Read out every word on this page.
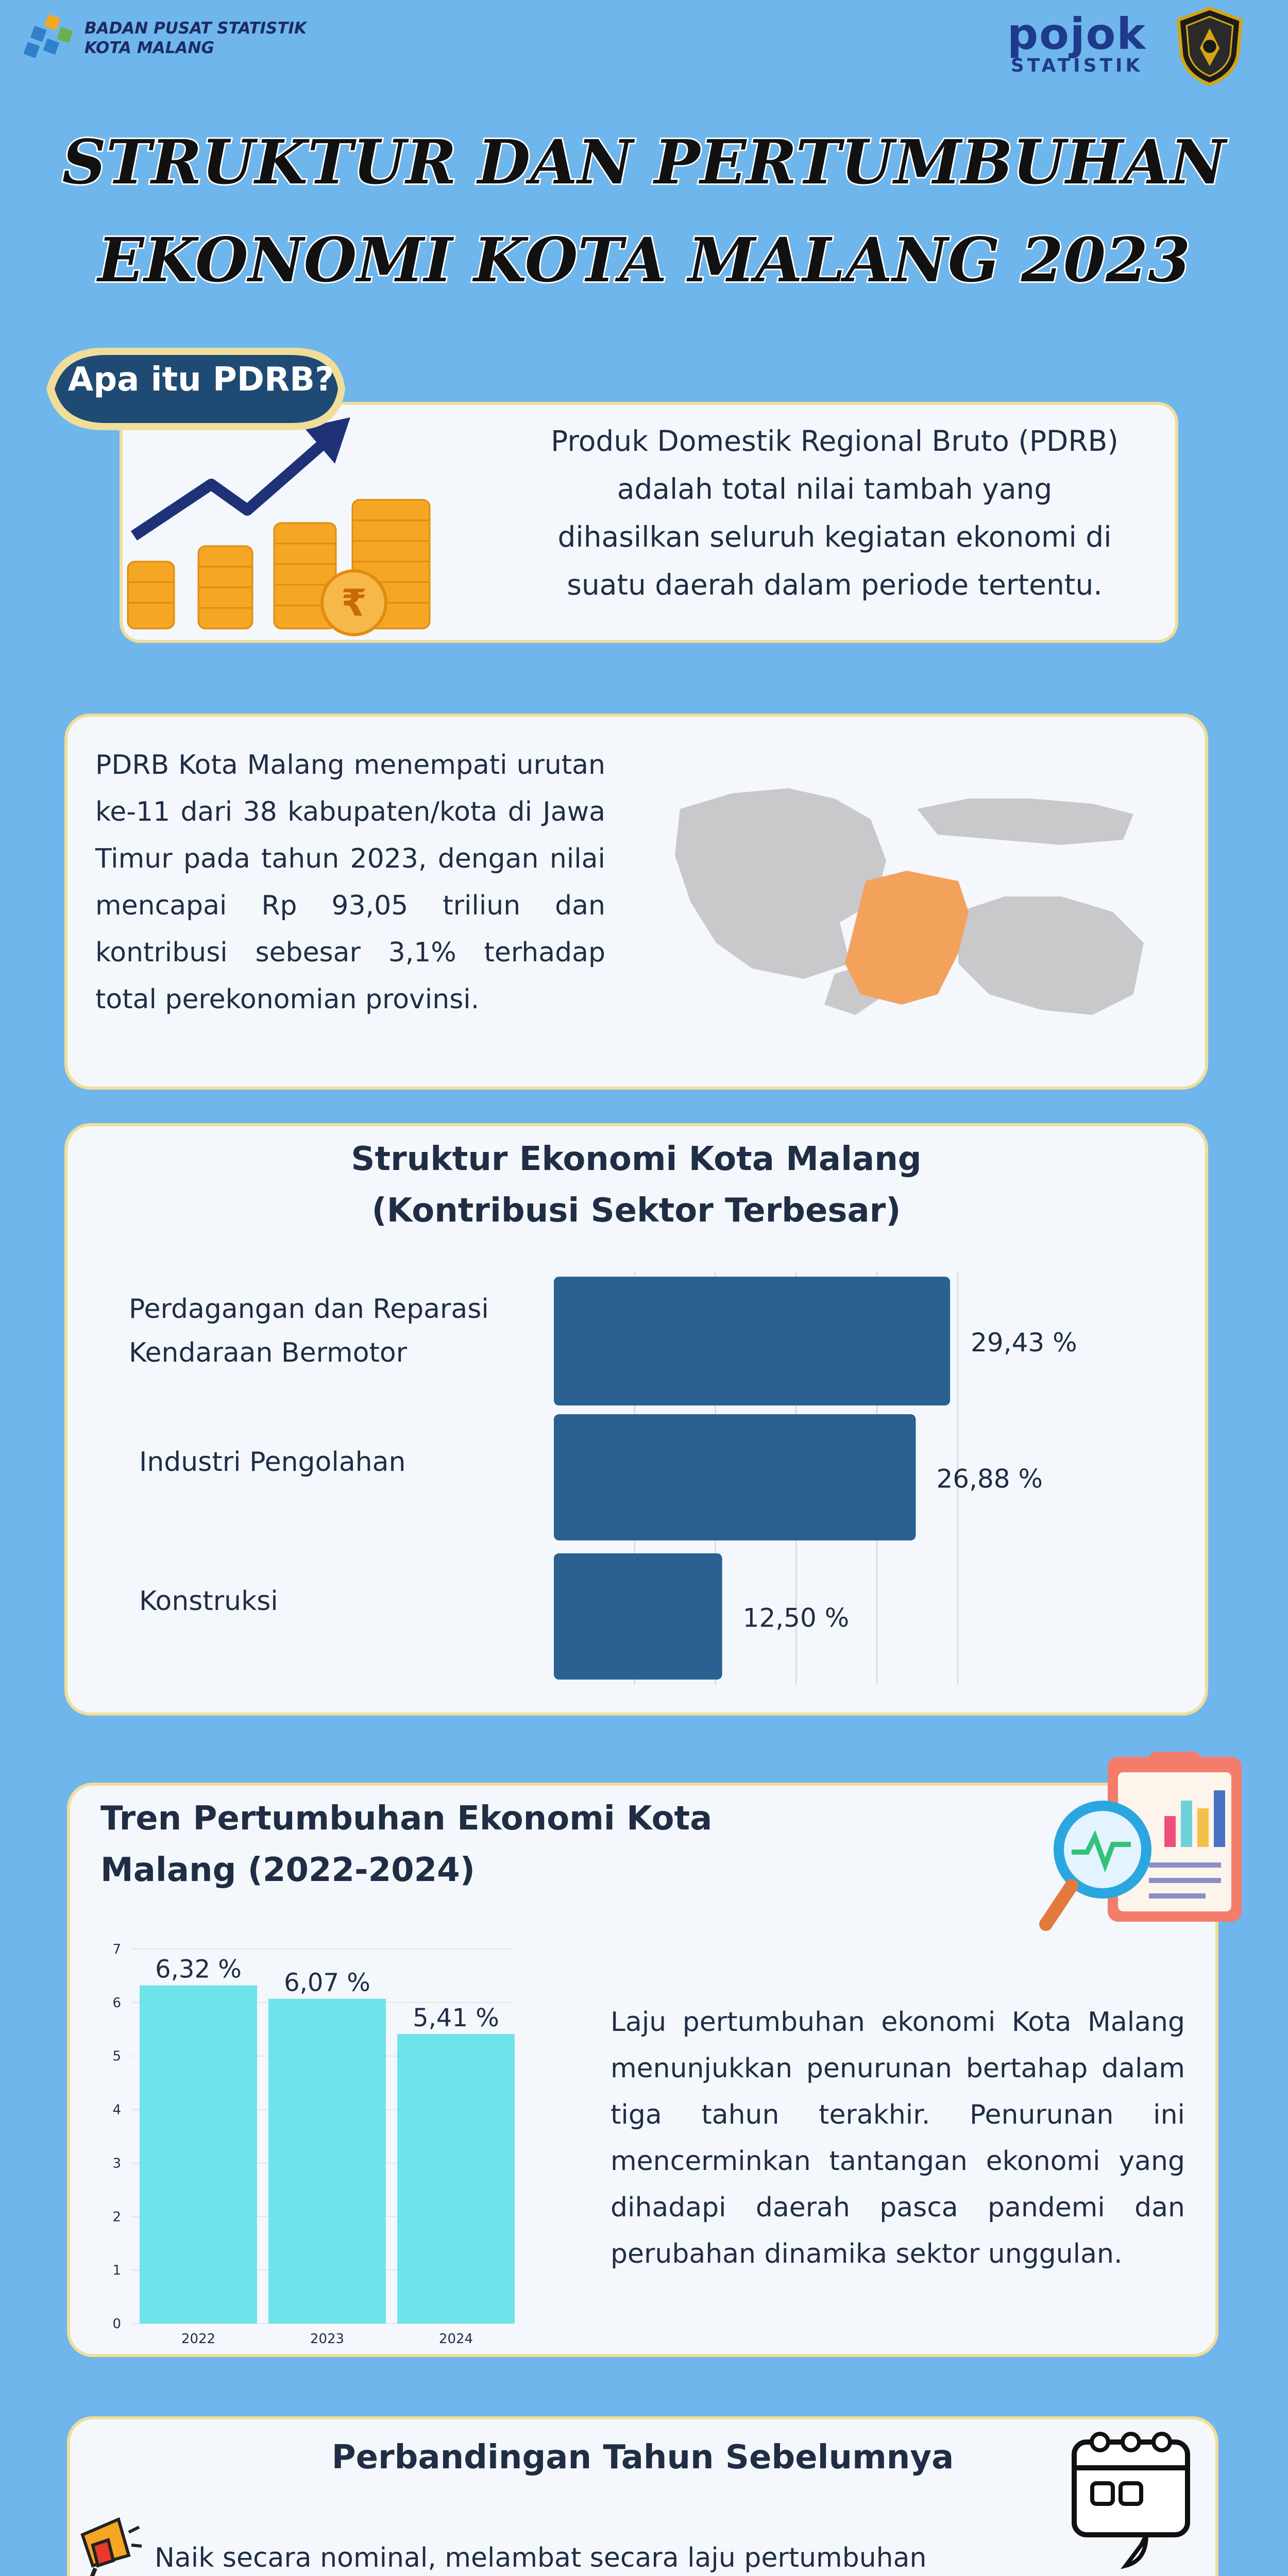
BADAN PUSAT STATISTIK
KOTA MALANG	pojok
STATISTIK
STRUKTUR DAN PERTUMBUHAN
EKONOMI KOTA MALANG 2023
₹
Apa itu PDRB?
Produk Domestik Regional Bruto (PDRB)
adalah total nilai tambah yang
dihasilkan seluruh kegiatan ekonomi di
suatu daerah dalam periode tertentu.
PDRB Kota Malang menempati urutan ke-11 dari 38 kabupaten/kota di Jawa Timur pada tahun 2023, dengan nilai mencapai Rp 93,05 triliun dan kontribusi sebesar 3,1% terhadap total perekonomian provinsi.
Struktur Ekonomi Kota Malang
(Kontribusi Sektor Terbesar)
29,43 %
Perdagangan dan Reparasi
Kendaraan Bermotor
26,88 %
Industri Pengolahan
12,50 %
Konstruksi
Tren Pertumbuhan Ekonomi Kota
Malang (2022-2024)
0
1
2
3
4
5
6
7
6,32 %
2022
6,07 %
2023
5,41 %
2024
Laju pertumbuhan ekonomi Kota Malang menunjukkan penurunan bertahap dalam tiga tahun terakhir. Penurunan ini mencerminkan tantangan ekonomi yang dihadapi daerah pasca pandemi dan perubahan dinamika sektor unggulan.
Perbandingan Tahun Sebelumnya
Naik secara nominal, melambat secara laju pertumbuhan
